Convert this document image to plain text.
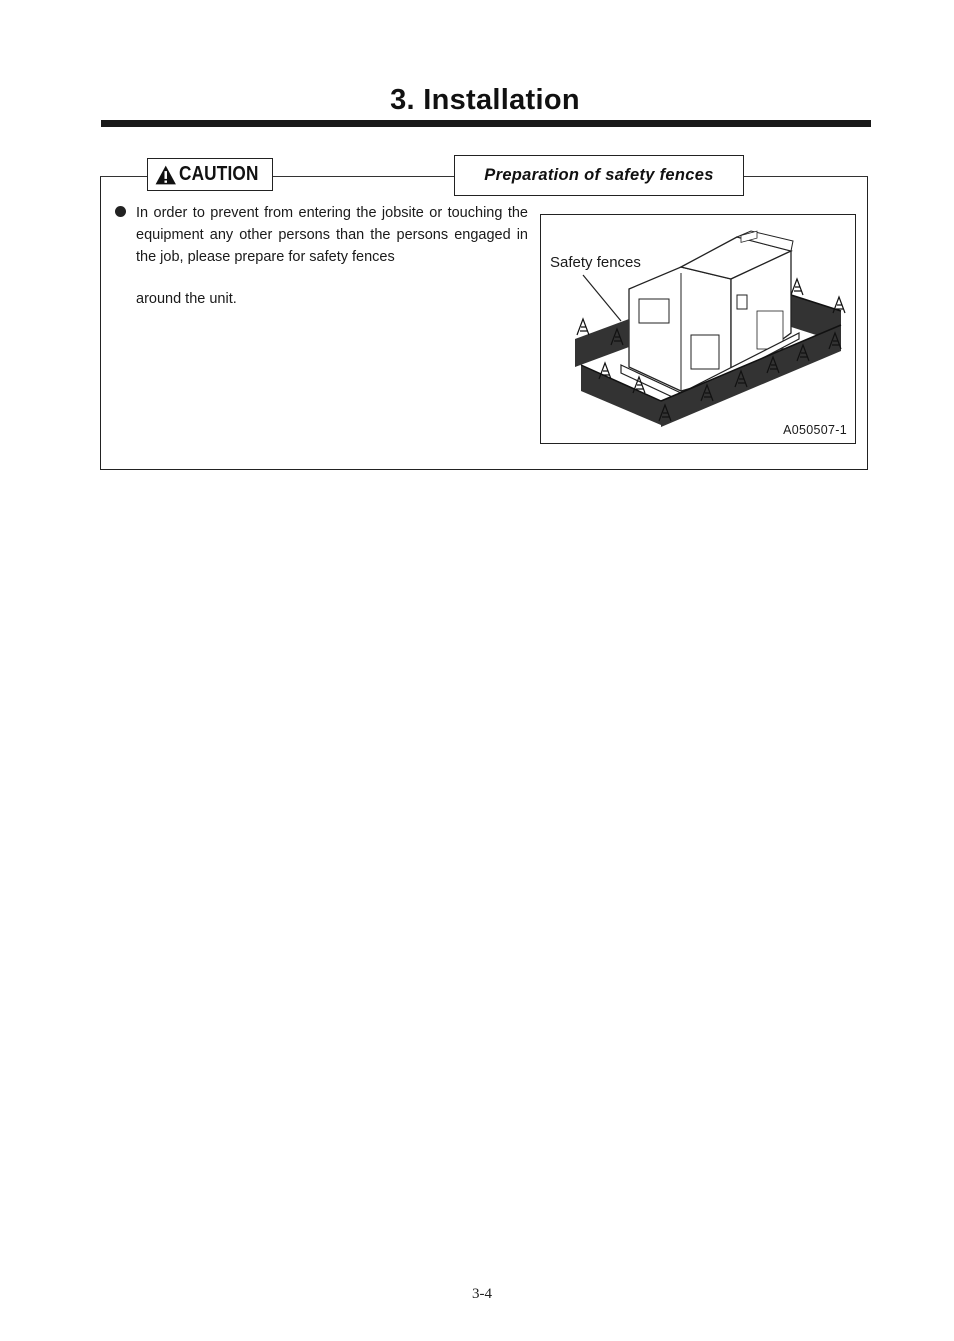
3. Installation
CAUTION	Preparation of safety fences
In order to prevent from entering the jobsite or touching the equipment any other persons than the persons engaged in the job, please prepare for safety fences
around the unit.
Safety fences
A050507-1
3-4
